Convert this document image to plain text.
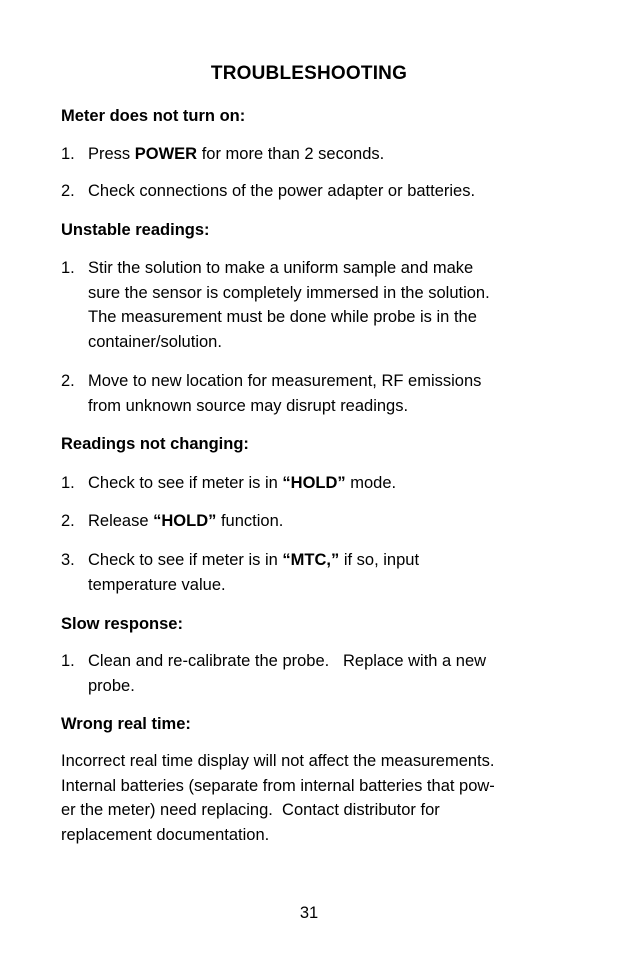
TROUBLESHOOTING
Meter does not turn on:
1. Press POWER for more than 2 seconds.
2. Check connections of the power adapter or batteries.
Unstable readings:
1. Stir the solution to make a uniform sample and make
sure the sensor is completely immersed in the solution.
The measurement must be done while probe is in the
container/solution.
2. Move to new location for measurement, RF emissions
from unknown source may disrupt readings.
Readings not changing:
1. Check to see if meter is in “HOLD” mode.
2. Release “HOLD” function.
3. Check to see if meter is in “MTC,” if so, input
temperature value.
Slow response:
1. Clean and re-calibrate the probe.   Replace with a new
probe.
Wrong real time:
Incorrect real time display will not affect the measurements.
Internal batteries (separate from internal batteries that pow-
er the meter) need replacing.  Contact distributor for
replacement documentation.
31
